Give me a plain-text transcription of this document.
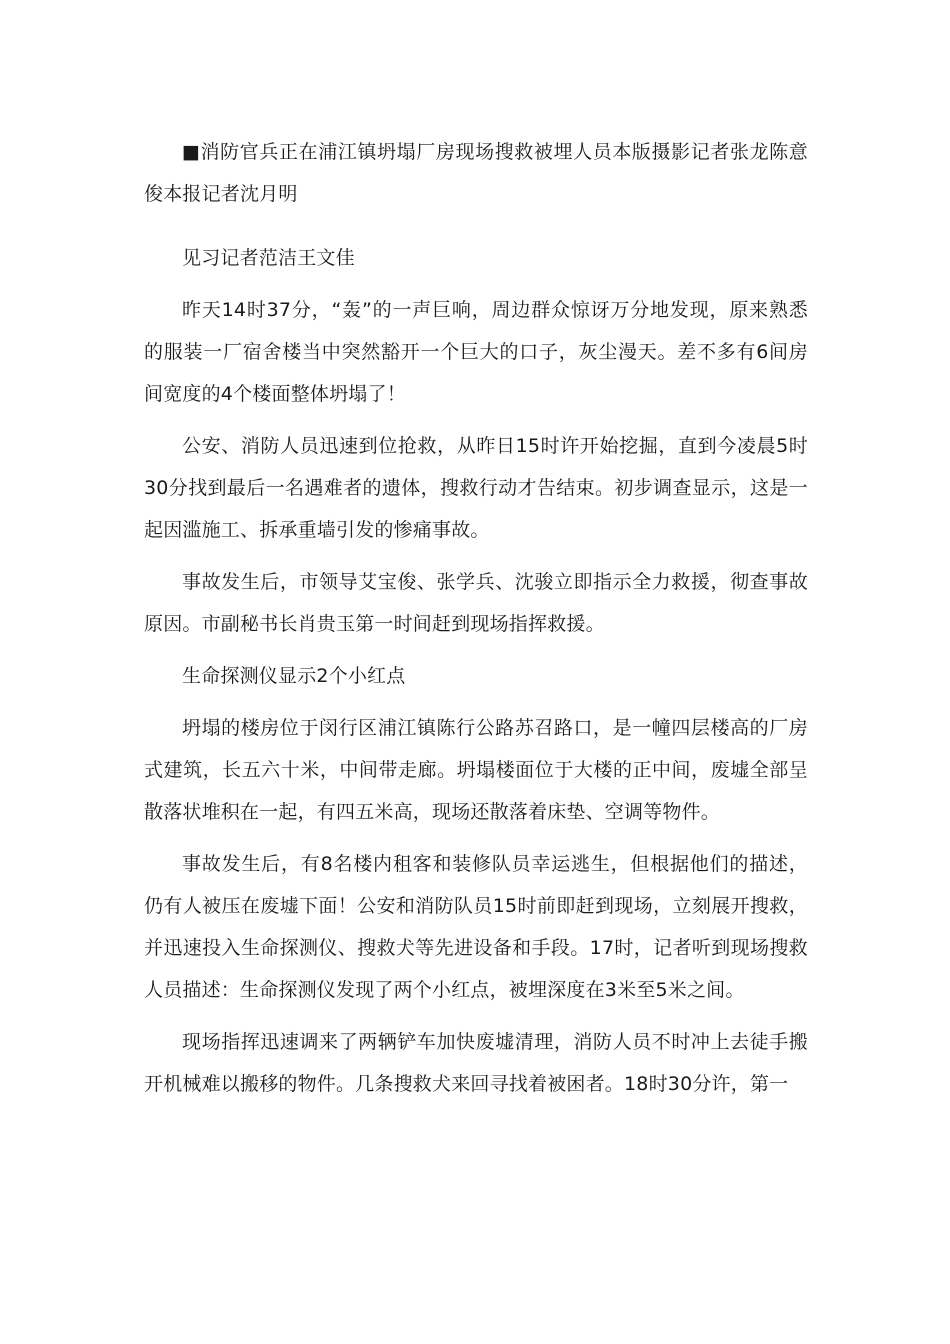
■消防官兵正在浦江镇坍塌厂房现场搜救被埋人员本版摄影记者张龙陈意俊本报记者沈月明

见习记者范洁王文佳

昨天14时37分，“轰”的一声巨响，周边群众惊讶万分地发现，原来熟悉的服装一厂宿舍楼当中突然豁开一个巨大的口子，灰尘漫天。差不多有6间房间宽度的4个楼面整体坍塌了！

公安、消防人员迅速到位抢救，从昨日15时许开始挖掘，直到今凌晨5时30分找到最后一名遇难者的遗体，搜救行动才告结束。初步调查显示，这是一起因滥施工、拆承重墙引发的惨痛事故。

事故发生后，市领导艾宝俊、张学兵、沈骏立即指示全力救援，彻查事故原因。市副秘书长肖贵玉第一时间赶到现场指挥救援。

生命探测仪显示2个小红点

坍塌的楼房位于闵行区浦江镇陈行公路苏召路口，是一幢四层楼高的厂房式建筑，长五六十米，中间带走廊。坍塌楼面位于大楼的正中间，废墟全部呈散落状堆积在一起，有四五米高，现场还散落着床垫、空调等物件。

事故发生后，有8名楼内租客和装修队员幸运逃生，但根据他们的描述，仍有人被压在废墟下面！公安和消防队员15时前即赶到现场，立刻展开搜救，并迅速投入生命探测仪、搜救犬等先进设备和手段。17时，记者听到现场搜救人员描述：生命探测仪发现了两个小红点，被埋深度在3米至5米之间。

现场指挥迅速调来了两辆铲车加快废墟清理，消防人员不时冲上去徒手搬开机械难以搬移的物件。几条搜救犬来回寻找着被困者。18时30分许，第一
